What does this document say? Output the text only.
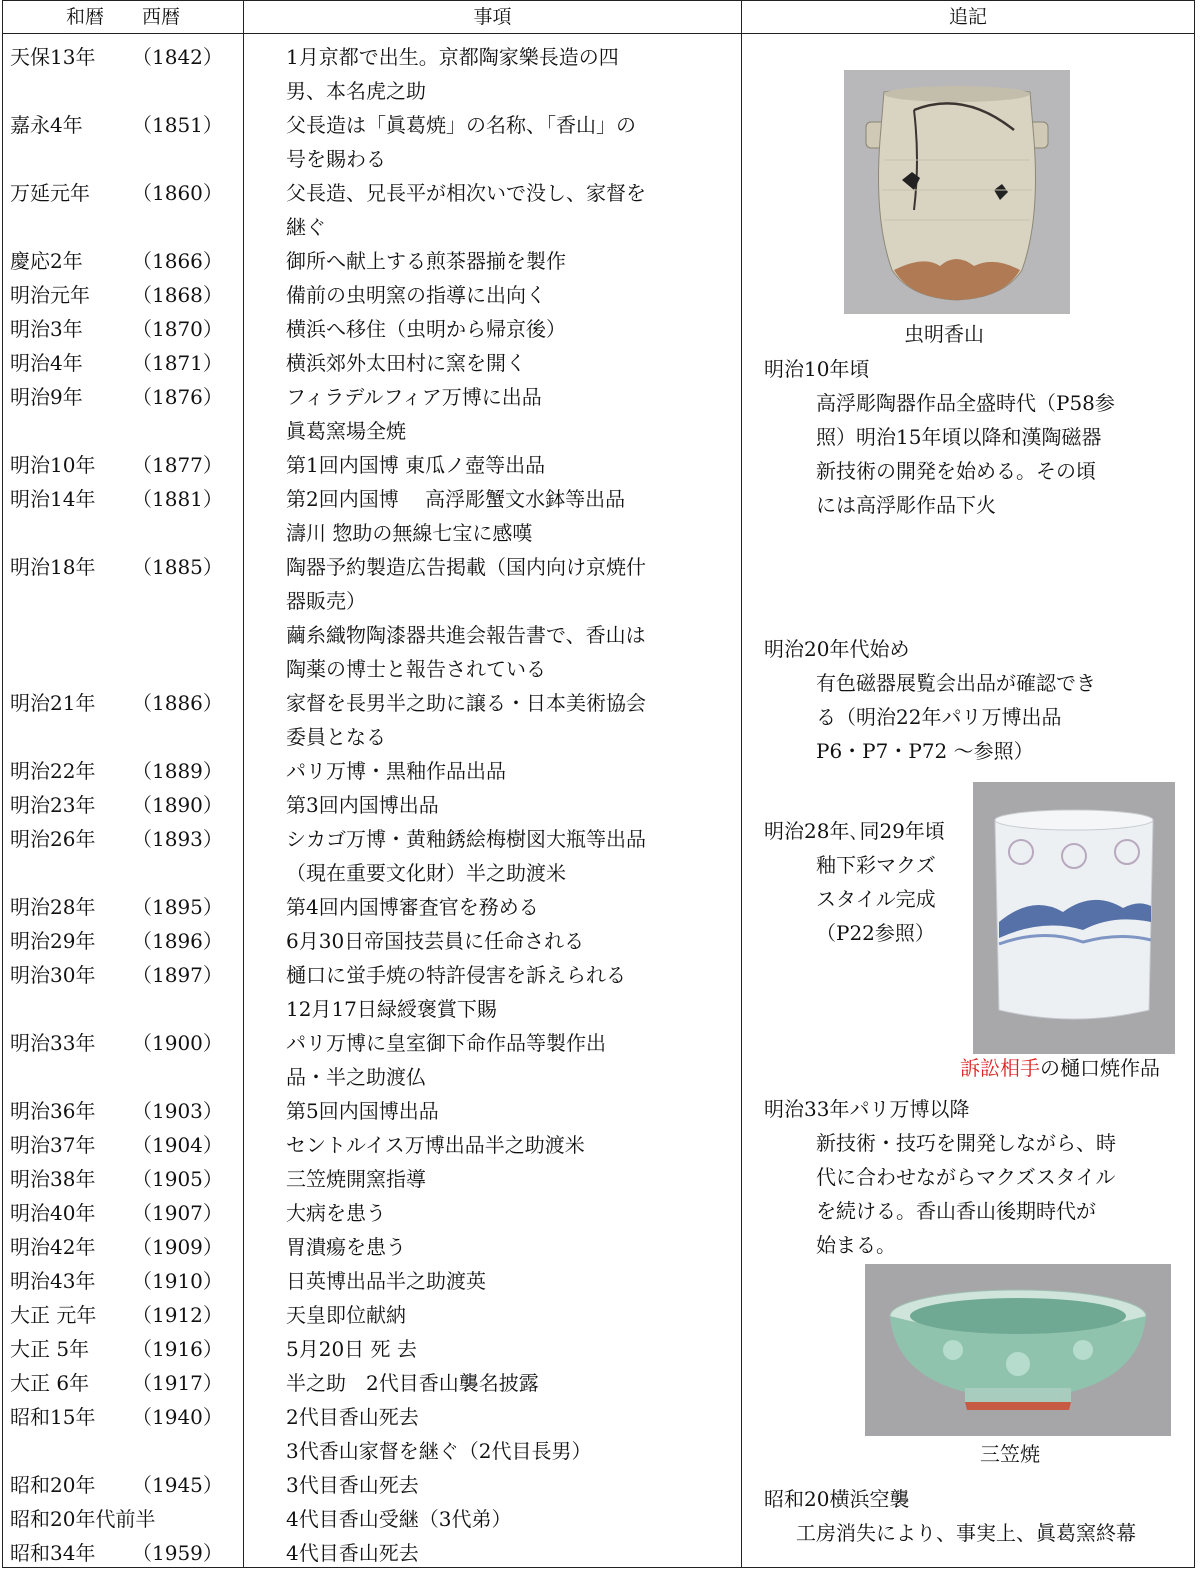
和暦　　西暦	事項	追記
天保13年 （1842）
嘉永4年 （1851）
万延元年 （1860）
慶応2年 （1866）
明治元年 （1868）
明治3年 （1870）
明治4年 （1871）
明治9年 （1876）
明治10年 （1877）
明治14年 （1881）
明治18年 （1885）
明治21年 （1886）
明治22年 （1889）
明治23年 （1890）
明治26年 （1893）
明治28年 （1895）
明治29年 （1896）
明治30年 （1897）
明治33年 （1900）
明治36年 （1903）
明治37年 （1904）
明治38年 （1905）
明治40年 （1907）
明治42年 （1909）
明治43年 （1910）
大正 元年 （1912）
大正 5年 （1916）
大正 6年 （1917）
昭和15年 （1940）
昭和20年 （1945）
昭和20年代前半
昭和34年 （1959）
1月京都で出生。京都陶家樂長造の四
男、本名虎之助
父長造は「眞葛焼」の名称、「香山」の
号を賜わる
父長造、兄長平が相次いで没し、家督を
継ぐ
御所へ献上する煎茶器揃を製作
備前の虫明窯の指導に出向く
横浜へ移住（虫明から帰京後）
横浜郊外太田村に窯を開く
フィラデルフィア万博に出品
眞葛窯場全焼
第1回内国博 東瓜ノ壺等出品
第2回内国博　 高浮彫蟹文水鉢等出品
濤川 惣助の無線七宝に感嘆
陶器予約製造広告掲載（国内向け京焼什
器販売）
繭糸織物陶漆器共進会報告書で、香山は
陶薬の博士と報告されている
家督を長男半之助に譲る・日本美術協会
委員となる
パリ万博・黒釉作品出品
第3回内国博出品
シカゴ万博・黄釉銹絵梅樹図大瓶等出品
（現在重要文化財）半之助渡米
第4回内国博審査官を務める
6月30日帝国技芸員に任命される
樋口に蛍手焼の特許侵害を訴えられる
12月17日緑綬褒賞下賜
パリ万博に皇室御下命作品等製作出
品・半之助渡仏
第5回内国博出品
セントルイス万博出品半之助渡米
三笠焼開窯指導
大病を患う
胃潰瘍を患う
日英博出品半之助渡英
天皇即位献納
5月20日 死 去
半之助　2代目香山襲名披露
2代目香山死去
3代香山家督を継ぐ（2代目長男）
3代目香山死去
4代目香山受継（3代弟）
4代目香山死去
虫明香山
明治10年頃
高浮彫陶器作品全盛時代（P58参
照）明治15年頃以降和漢陶磁器
新技術の開発を始める。その頃
には高浮彫作品下火
明治20年代始め
有色磁器展覧会出品が確認でき
る（明治22年パリ万博出品
P6・P7・P72 〜参照）
明治28年､同29年頃
釉下彩マクズ
スタイル完成
（P22参照）
訴訟相手の樋口焼作品
明治33年パリ万博以降
新技術・技巧を開発しながら、時
代に合わせながらマクズスタイル
を続ける。香山香山後期時代が
始まる。
三笠焼
昭和20横浜空襲
工房消失により、事実上、眞葛窯終幕
